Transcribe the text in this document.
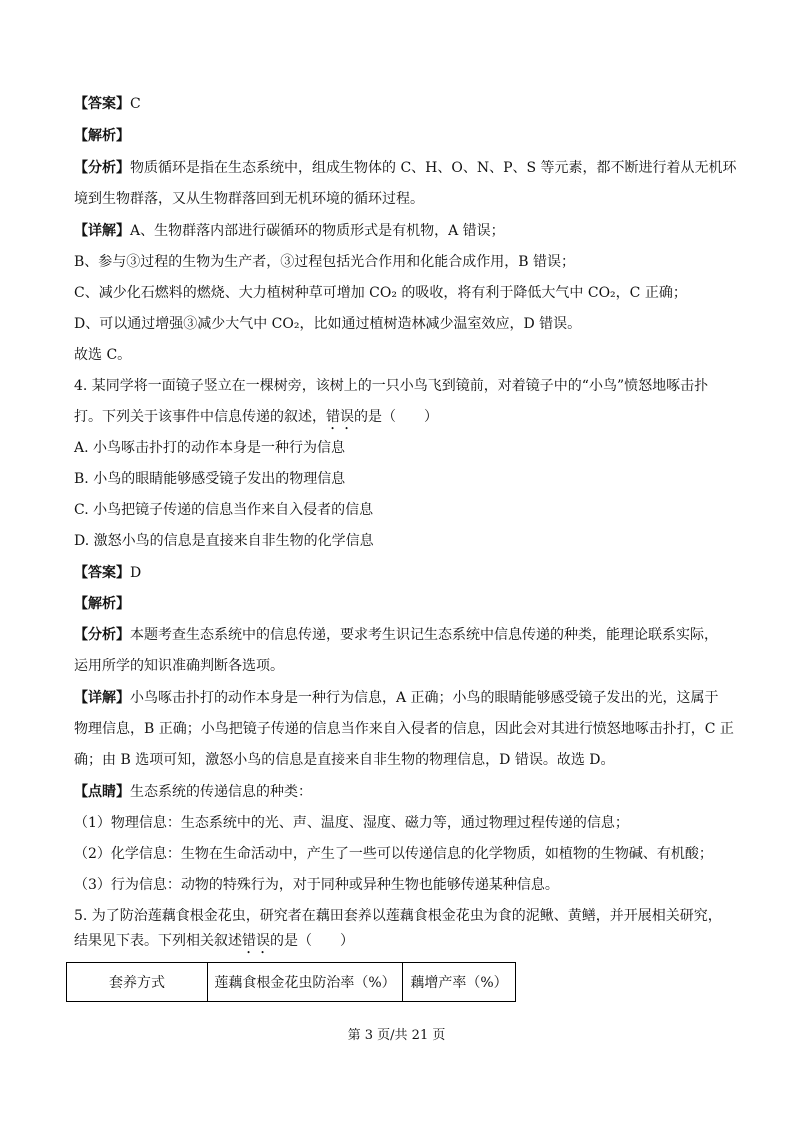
【答案】C
【解析】
【分析】物质循环是指在生态系统中，组成生物体的 C、H、O、N、P、S 等元素，都不断进行着从无机环
境到生物群落，又从生物群落回到无机环境的循环过程。
【详解】A、生物群落内部进行碳循环的物质形式是有机物，A 错误；
B、参与③过程的生物为生产者，③过程包括光合作用和化能合成作用，B 错误；
C、减少化石燃料的燃烧、大力植树种草可增加 CO₂ 的吸收，将有利于降低大气中 CO₂，C 正确；
D、可以通过增强③减少大气中 CO₂，比如通过植树造林减少温室效应，D 错误。
故选 C。
4. 某同学将一面镜子竖立在一棵树旁，该树上的一只小鸟飞到镜前，对着镜子中的“小鸟”愤怒地啄击扑
打。下列关于该事件中信息传递的叙述，错误的是（　　）
A. 小鸟啄击扑打的动作本身是一种行为信息
B. 小鸟的眼睛能够感受镜子发出的物理信息
C. 小鸟把镜子传递的信息当作来自入侵者的信息
D. 激怒小鸟的信息是直接来自非生物的化学信息
【答案】D
【解析】
【分析】本题考查生态系统中的信息传递，要求考生识记生态系统中信息传递的种类，能理论联系实际，
运用所学的知识准确判断各选项。
【详解】小鸟啄击扑打的动作本身是一种行为信息，A 正确；小鸟的眼睛能够感受镜子发出的光，这属于
物理信息，B 正确；小鸟把镜子传递的信息当作来自入侵者的信息，因此会对其进行愤怒地啄击扑打，C 正
确；由 B 选项可知，激怒小鸟的信息是直接来自非生物的物理信息，D 错误。故选 D。
【点睛】生态系统的传递信息的种类：
（1）物理信息：生态系统中的光、声、温度、湿度、磁力等，通过物理过程传递的信息；
（2）化学信息：生物在生命活动中，产生了一些可以传递信息的化学物质，如植物的生物碱、有机酸；
（3）行为信息：动物的特殊行为，对于同种或异种生物也能够传递某种信息。
5. 为了防治莲藕食根金花虫，研究者在藕田套养以莲藕食根金花虫为食的泥鳅、黄鳝，并开展相关研究，
结果见下表。下列相关叙述错误的是（　　）
套养方式	莲藕食根金花虫防治率（%）	藕增产率（%）
第 3 页/共 21 页
